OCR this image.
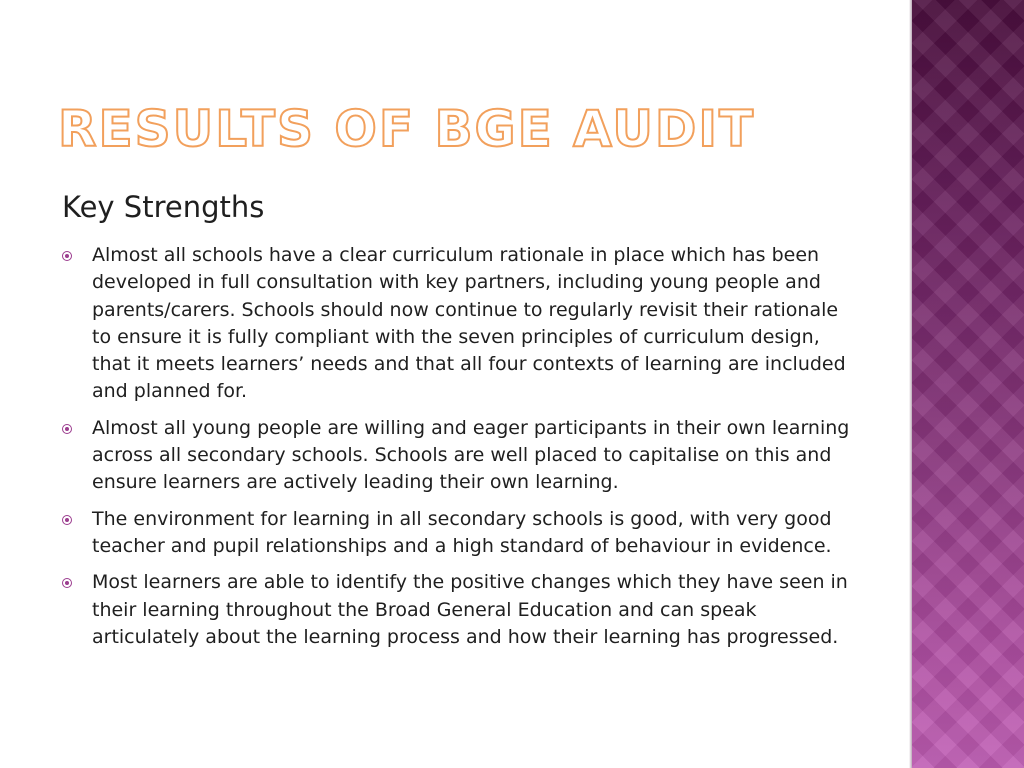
RESULTS OF BGE AUDIT
Key Strengths
Almost all schools have a clear curriculum rationale in place which has been developed in full consultation with key partners, including young people and parents/carers. Schools should now continue to regularly revisit their rationale to ensure it is fully compliant with the seven principles of curriculum design, that it meets learners’ needs and that all four contexts of learning are included and planned for.
Almost all young people are willing and eager participants in their own learning across all secondary schools. Schools are well placed to capitalise on this and ensure learners are actively leading their own learning.
The environment for learning in all secondary schools is good, with very good teacher and pupil relationships and a high standard of behaviour in evidence.
Most learners are able to identify the positive changes which they have seen in their learning throughout the Broad General Education and can speak articulately about the learning process and how their learning has progressed.
